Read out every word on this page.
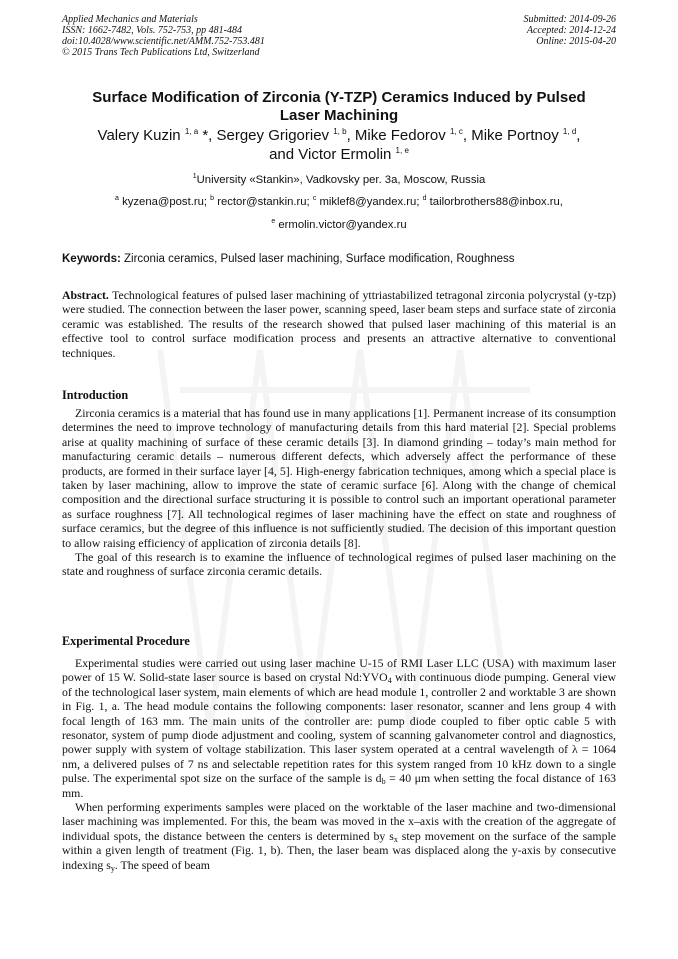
Applied Mechanics and Materials
ISSN: 1662-7482, Vols. 752-753, pp 481-484
doi:10.4028/www.scientific.net/AMM.752-753.481
© 2015 Trans Tech Publications Ltd, Switzerland
Submitted: 2014-09-26
Accepted: 2014-12-24
Online: 2015-04-20
Surface Modification of Zirconia (Y-TZP) Ceramics Induced by Pulsed
Laser Machining
Valery Kuzin $^{1, a}$ *, Sergey Grigoriev $^{1, b}$, Mike Fedorov $^{1, c}$, Mike Portnoy $^{1, d}$,
and Victor Ermolin $^{1, e}$
$^1$University «Stankin», Vadkovsky per. 3a, Moscow, Russia
$^a$ kyzena@post.ru; $^b$ rector@stankin.ru; $^c$ miklef8@yandex.ru; $^d$ tailorbrothers88@inbox.ru,
$^e$ ermolin.victor@yandex.ru
Keywords: Zirconia ceramics, Pulsed laser machining, Surface modification, Roughness

Abstract. Technological features of pulsed laser machining of yttriastabilized tetragonal zirconia polycrystal (y-tzp) were studied. The connection between the laser power, scanning speed, laser beam steps and surface state of zirconia ceramic was established. The results of the research showed that pulsed laser machining of this material is an effective tool to control surface modification process and presents an attractive alternative to conventional techniques.

Introduction

Zirconia ceramics is a material that has found use in many applications [1]. Permanent increase of its consumption determines the need to improve technology of manufacturing details from this hard material [2]. Special problems arise at quality machining of surface of these ceramic details [3]. In diamond grinding – today’s main method for manufacturing ceramic details – numerous different defects, which adversely affect the performance of these products, are formed in their surface layer [4, 5]. High-energy fabrication techniques, among which a special place is taken by laser machining, allow to improve the state of ceramic surface [6]. Along with the change of chemical composition and the directional surface structuring it is possible to control such an important operational parameter as surface roughness [7]. All technological regimes of laser machining have the effect on state and roughness of surface ceramics, but the degree of this influence is not sufficiently studied. The decision of this important question to allow raising efficiency of application of zirconia details [8].

The goal of this research is to examine the influence of technological regimes of pulsed laser machining on the state and roughness of surface zirconia ceramic details.

Experimental Procedure

Experimental studies were carried out using laser machine U-15 of RMI Laser LLC (USA) with maximum laser power of 15 W. Solid-state laser source is based on crystal $Nd:YVO_4$ with continuous diode pumping. General view of the technological laser system, main elements of which are head module 1, controller 2 and worktable 3 are shown in Fig. 1, a. The head module contains the following components: laser resonator, scanner and lens group 4 with focal length of 163 mm. The main units of the controller are: pump diode coupled to fiber optic cable 5 with resonator, system of pump diode adjustment and cooling, system of scanning galvanometer control and diagnostics, power supply with system of voltage stabilization. This laser system operated at a central wavelength of λ = 1064 nm, a delivered pulses of 7 ns and selectable repetition rates for this system ranged from 10 kHz down to a single pulse. The experimental spot size on the surface of the sample is $d_b = 40$ μm when setting the focal distance of 163 mm.

When performing experiments samples were placed on the worktable of the laser machine and two-dimensional laser machining was implemented. For this, the beam was moved in the x–axis with the creation of the aggregate of individual spots, the distance between the centers is determined by $s_x$ step movement on the surface of the sample within a given length of treatment (Fig. 1, b). Then, the laser beam was displaced along the y-axis by consecutive indexing $s_y$. The speed of beam
